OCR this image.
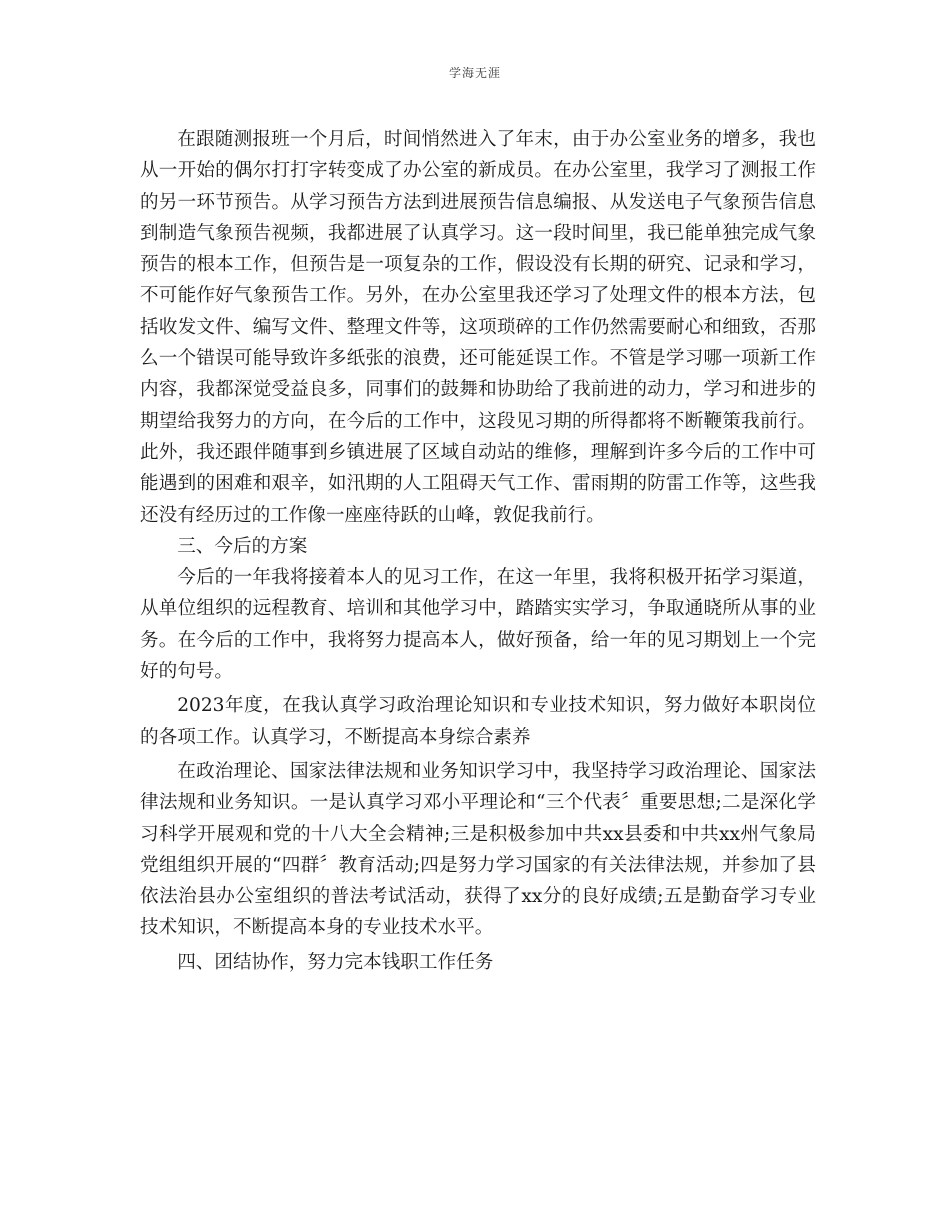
学海无涯

在跟随测报班一个月后，时间悄然进入了年末，由于办公室业务的增多，我也从一开始的偶尔打打字转变成了办公室的新成员。在办公室里，我学习了测报工作的另一环节预告。从学习预告方法到进展预告信息编报、从发送电子气象预告信息到制造气象预告视频，我都进展了认真学习。这一段时间里，我已能单独完成气象预告的根本工作，但预告是一项复杂的工作，假设没有长期的研究、记录和学习，不可能作好气象预告工作。另外，在办公室里我还学习了处理文件的根本方法，包括收发文件、编写文件、整理文件等，这项琐碎的工作仍然需要耐心和细致，否那么一个错误可能导致许多纸张的浪费，还可能延误工作。不管是学习哪一项新工作内容，我都深觉受益良多，同事们的鼓舞和协助给了我前进的动力，学习和进步的期望给我努力的方向，在今后的工作中，这段见习期的所得都将不断鞭策我前行。此外，我还跟伴随事到乡镇进展了区域自动站的维修，理解到许多今后的工作中可能遇到的困难和艰辛，如汛期的人工阻碍天气工作、雷雨期的防雷工作等，这些我还没有经历过的工作像一座座待跃的山峰，敦促我前行。

三、今后的方案

今后的一年我将接着本人的见习工作，在这一年里，我将积极开拓学习渠道，从单位组织的远程教育、培训和其他学习中，踏踏实实学习，争取通晓所从事的业务。在今后的工作中，我将努力提高本人，做好预备，给一年的见习期划上一个完好的句号。

2023年度，在我认真学习政治理论知识和专业技术知识，努力做好本职岗位的各项工作。认真学习，不断提高本身综合素养

在政治理论、国家法律法规和业务知识学习中，我坚持学习政治理论、国家法律法规和业务知识。一是认真学习邓小平理论和“三个代表〞重要思想;二是深化学习科学开展观和党的十八大全会精神;三是积极参加中共xx县委和中共xx州气象局党组组织开展的“四群〞教育活动;四是努力学习国家的有关法律法规，并参加了县依法治县办公室组织的普法考试活动，获得了xx分的良好成绩;五是勤奋学习专业技术知识，不断提高本身的专业技术水平。

四、团结协作，努力完本钱职工作任务
